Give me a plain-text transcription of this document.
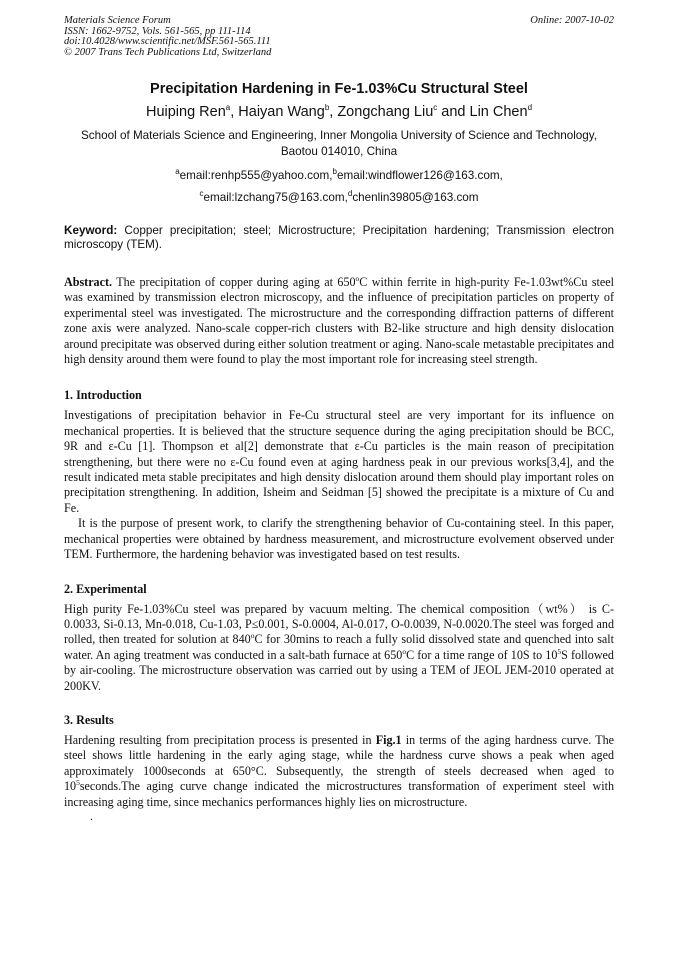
Materials Science Forum	Online: 2007-10-02
ISSN: 1662-9752, Vols. 561-565, pp 111-114
doi:10.4028/www.scientific.net/MSF.561-565.111
© 2007 Trans Tech Publications Ltd, Switzerland
Precipitation Hardening in Fe-1.03%Cu Structural Steel
Huiping Ren$^a$, Haiyan Wang$^b$, Zongchang Liu$^c$ and Lin Chen$^d$
School of Materials Science and Engineering, Inner Mongolia University of Science and Technology,
Baotou 014010, China
$^a$email:renhp555@yahoo.com,$^b$email:windflower126@163.com,
$^c$email:lzchang75@163.com,$^d$chenlin39805@163.com
Keyword: Copper precipitation; steel; Microstructure; Precipitation hardening; Transmission electron microscopy (TEM).

Abstract. The precipitation of copper during aging at 650$^o$C within ferrite in high-purity Fe-1.03wt%Cu steel was examined by transmission electron microscopy, and the influence of precipitation particles on property of experimental steel was investigated. The microstructure and the corresponding diffraction patterns of different zone axis were analyzed. Nano-scale copper-rich clusters with B2-like structure and high density dislocation around precipitate was observed during either solution treatment or aging. Nano-scale metastable precipitates and high density around them were found to play the most important role for increasing steel strength.

1. Introduction

Investigations of precipitation behavior in Fe-Cu structural steel are very important for its influence on mechanical properties. It is believed that the structure sequence during the aging precipitation should be BCC, 9R and ε-Cu [1]. Thompson et al[2] demonstrate that ε-Cu particles is the main reason of precipitation strengthening, but there were no ε-Cu found even at aging hardness peak in our previous works[3,4], and the result indicated meta stable precipitates and high density dislocation around them should play important roles on precipitation strengthening. In addition, Isheim and Seidman [5] showed the precipitate is a mixture of Cu and Fe.

It is the purpose of present work, to clarify the strengthening behavior of Cu-containing steel. In this paper, mechanical properties were obtained by hardness measurement, and microstructure evolvement observed under TEM. Furthermore, the hardening behavior was investigated based on test results.

2. Experimental

High purity Fe-1.03%Cu steel was prepared by vacuum melting. The chemical composition（wt%） is C-0.0033, Si-0.13, Mn-0.018, Cu-1.03, P≤0.001, S-0.0004, Al-0.017, O-0.0039, N-0.0020.The steel was forged and rolled, then treated for solution at 840$^o$C for 30mins to reach a fully solid dissolved state and quenched into salt water. An aging treatment was conducted in a salt-bath furnace at 650$^o$C for a time range of 10S to $10^5S$ followed by air-cooling. The microstructure observation was carried out by using a TEM of JEOL JEM-2010 operated at 200KV.

3. Results

Hardening resulting from precipitation process is presented in Fig.1 in terms of the aging hardness curve. The steel shows little hardening in the early aging stage, while the hardness curve shows a peak when aged approximately 1000seconds at 650°C. Subsequently, the strength of steels decreased when aged to $10^5seconds.The$ aging curve change indicated the microstructures transformation of experiment steel with increasing aging time, since mechanics performances highly lies on microstructure.

.
